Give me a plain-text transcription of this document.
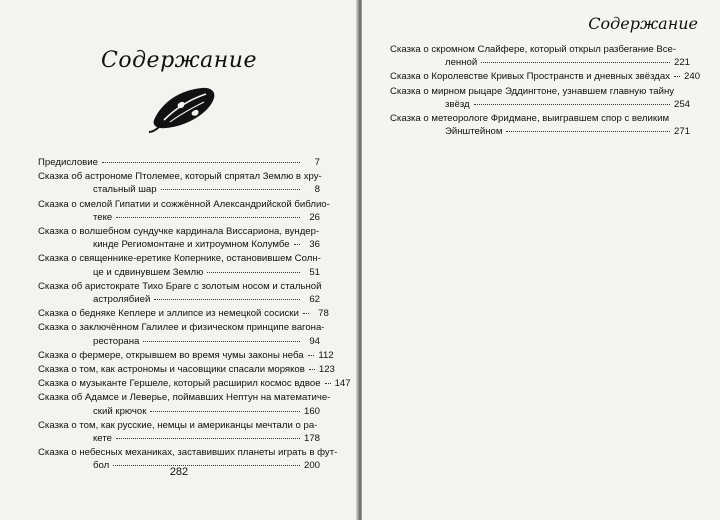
Содержание
Предисловие	7
Сказка об астрономе Птолемее, который спрятал Землю в хру-
стальный шар	8
Сказка о смелой Гипатии и сожжённой Александрийской библио-
теке	26
Сказка о волшебном сундучке кардинала Виссариона, вундер-
кинде Региомонтане и хитроумном Колумбе	36
Сказка о священнике-еретике Копернике, остановившем Солн-
це и сдвинувшем Землю	51
Сказка об аристократе Тихо Браге с золотым носом и стальной
астролябией	62
Сказка о бедняке Кеплере и эллипсе из немецкой сосиски	78
Сказка о заключённом Галилее и физическом принципе вагона-
ресторана	94
Сказка о фермере, открывшем во время чумы законы неба 112
Сказка о том, как астрономы и часовщики спасали моряков 123
Сказка о музыканте Гершеле, который расширил космос вдвое 147
Сказка об Адамсе и Леверье, поймавших Нептун на математиче-
ский крючок	160
Сказка о том, как русские, немцы и американцы мечтали о ра-
кете	178
Сказка о небесных механиках, заставивших планеты играть в фут-
бол	200
282
Содержание
Сказка о скромном Слайфере, который открыл разбегание Все-
ленной	221
Сказка о Королевстве Кривых Пространств и дневных звёздах 240
Сказка о мирном рыцаре Эддингтоне, узнавшем главную тайну
звёзд	254
Сказка о метеорологе Фридмане, выигравшем спор с великим
Эйнштейном	271
